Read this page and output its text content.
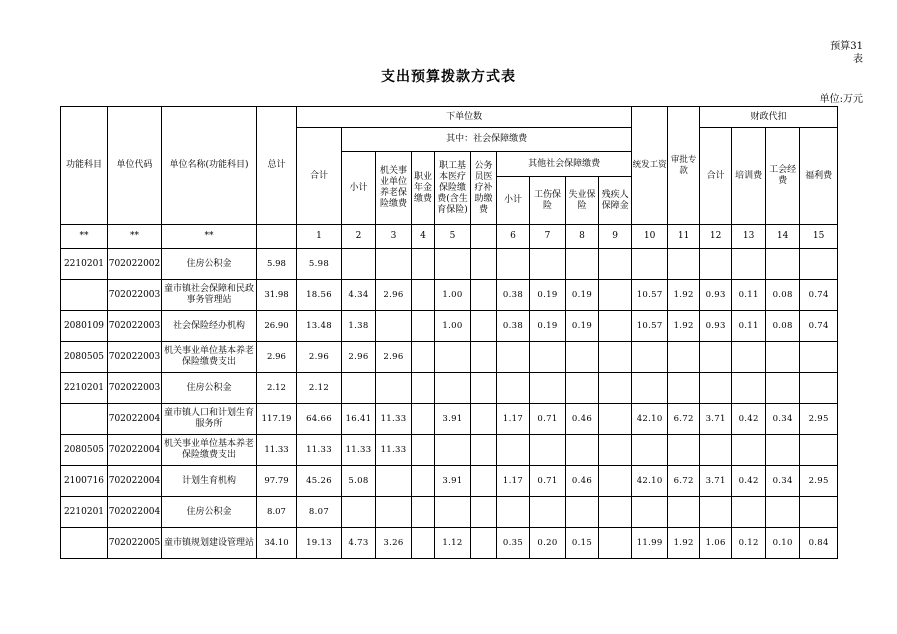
预算31
表
支出预算拨款方式表
单位:万元
功能科目	单位代码	单位名称(功能科目)	总计	下单位数										统发工资	审批专款	财政代扣			
				合计	其中：社会保障缴费											合计	培训费	工会经费	福利费
					小计	机关事业单位养老保险缴费	职业年金缴费	职工基本医疗保险缴费(含生育保险)	公务员医疗补助缴费	其他社会保障缴费									
										小计	工伤保险	失业保险	残疾人保障金						
**	**	**		1	2	3	4	5		6	7	8	9	10	11	12	13	14	15
2210201	702022002	住房公积金	5.98	5.98															
	702022003	童市镇社会保障和民政事务管理站	31.98	18.56	4.34	2.96		1.00		0.38	0.19	0.19		10.57	1.92	0.93	0.11	0.08	0.74
2080109	702022003	社会保险经办机构	26.90	13.48	1.38			1.00		0.38	0.19	0.19		10.57	1.92	0.93	0.11	0.08	0.74
2080505	702022003	机关事业单位基本养老保险缴费支出	2.96	2.96	2.96	2.96													
2210201	702022003	住房公积金	2.12	2.12															
	702022004	童市镇人口和计划生育服务所	117.19	64.66	16.41	11.33		3.91		1.17	0.71	0.46		42.10	6.72	3.71	0.42	0.34	2.95
2080505	702022004	机关事业单位基本养老保险缴费支出	11.33	11.33	11.33	11.33													
2100716	702022004	计划生育机构	97.79	45.26	5.08			3.91		1.17	0.71	0.46		42.10	6.72	3.71	0.42	0.34	2.95
2210201	702022004	住房公积金	8.07	8.07															
	702022005	童市镇规划建设管理站	34.10	19.13	4.73	3.26		1.12		0.35	0.20	0.15		11.99	1.92	1.06	0.12	0.10	0.84
